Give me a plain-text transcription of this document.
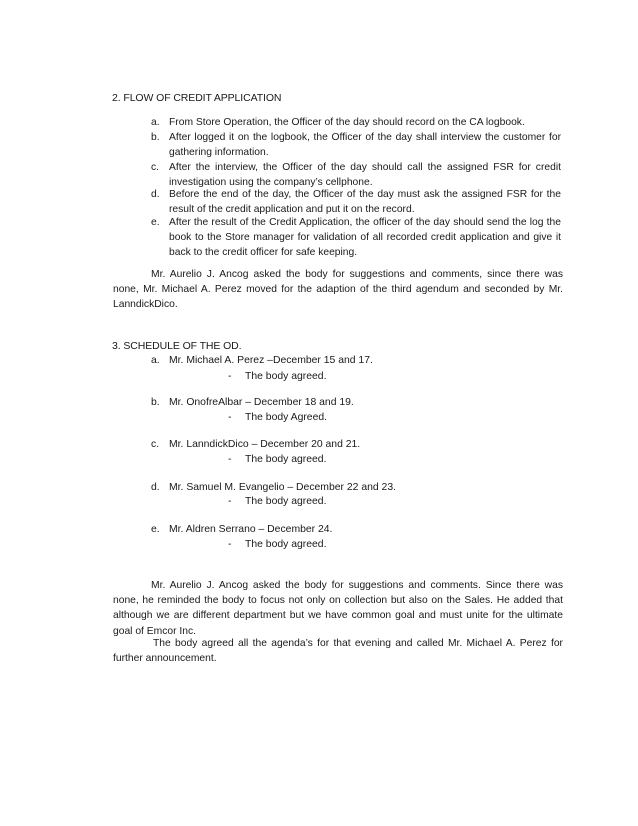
2. FLOW OF CREDIT APPLICATION
a. From Store Operation, the Officer of the day should record on the CA logbook.
b. After logged it on the logbook, the Officer of the day shall interview the customer for gathering information.
c. After the interview, the Officer of the day should call the assigned FSR for credit investigation using the company’s cellphone.
d. Before the end of the day, the Officer of the day must ask the assigned FSR for the result of the credit application and put it on the record.
e. After the result of the Credit Application, the officer of the day should send the log the book to the Store manager for validation of all recorded credit application and give it back to the credit officer for safe keeping.
Mr. Aurelio J. Ancog asked the body for suggestions and comments, since there was none, Mr. Michael A. Perez moved for the adaption of the third agendum and seconded by Mr. LanndickDico.
3. SCHEDULE OF THE OD.
a. Mr. Michael A. Perez –December 15 and 17.
- The body agreed.
b. Mr. OnofreAlbar – December 18 and 19.
- The body Agreed.
c. Mr. LanndickDico – December 20 and 21.
- The body agreed.
d. Mr. Samuel M. Evangelio – December 22 and 23.
- The body agreed.
e. Mr. Aldren Serrano – December 24.
- The body agreed.
Mr. Aurelio J. Ancog asked the body for suggestions and comments. Since there was none, he reminded the body to focus not only on collection but also on the Sales. He added that although we are different department but we have common goal and must unite for the ultimate goal of Emcor Inc.
The body agreed all the agenda’s for that evening and called Mr. Michael A. Perez for further announcement.
